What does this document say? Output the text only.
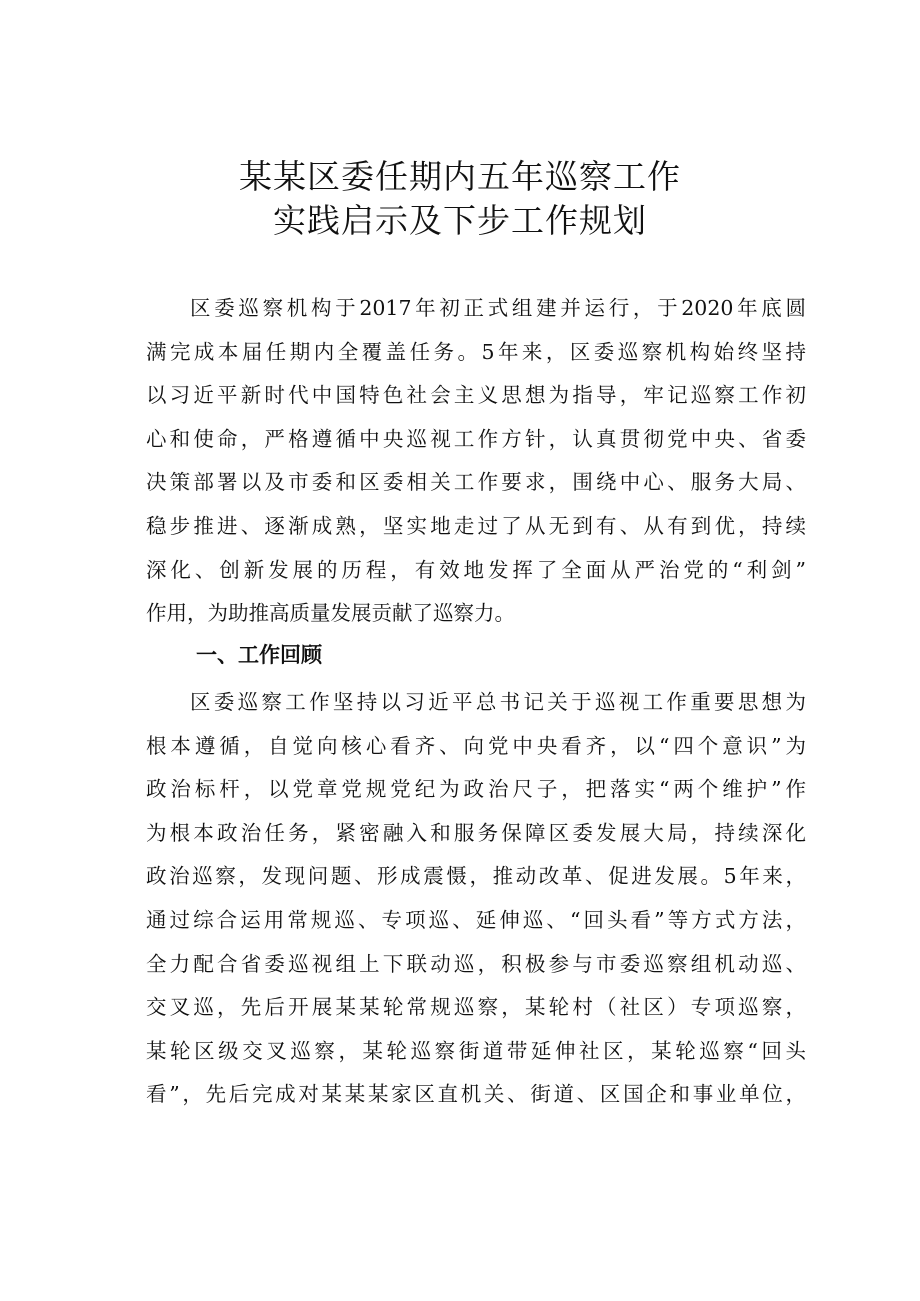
某某区委任期内五年巡察工作
实践启示及下步工作规划
区委巡察机构于2017年初正式组建并运行，于2020年底圆
满完成本届任期内全覆盖任务。5年来，区委巡察机构始终坚持
以习近平新时代中国特色社会主义思想为指导，牢记巡察工作初
心和使命，严格遵循中央巡视工作方针，认真贯彻党中央、省委
决策部署以及市委和区委相关工作要求，围绕中心、服务大局、
稳步推进、逐渐成熟，坚实地走过了从无到有、从有到优，持续
深化、创新发展的历程，有效地发挥了全面从严治党的“利剑”
作用，为助推高质量发展贡献了巡察力。
一、工作回顾
区委巡察工作坚持以习近平总书记关于巡视工作重要思想为
根本遵循，自觉向核心看齐、向党中央看齐，以“四个意识”为
政治标杆，以党章党规党纪为政治尺子，把落实“两个维护”作
为根本政治任务，紧密融入和服务保障区委发展大局，持续深化
政治巡察，发现问题、形成震慑，推动改革、促进发展。5年来，
通过综合运用常规巡、专项巡、延伸巡、“回头看”等方式方法，
全力配合省委巡视组上下联动巡，积极参与市委巡察组机动巡、
交叉巡，先后开展某某轮常规巡察，某轮村（社区）专项巡察，
某轮区级交叉巡察，某轮巡察街道带延伸社区，某轮巡察“回头
看”，先后完成对某某某家区直机关、街道、区国企和事业单位，
